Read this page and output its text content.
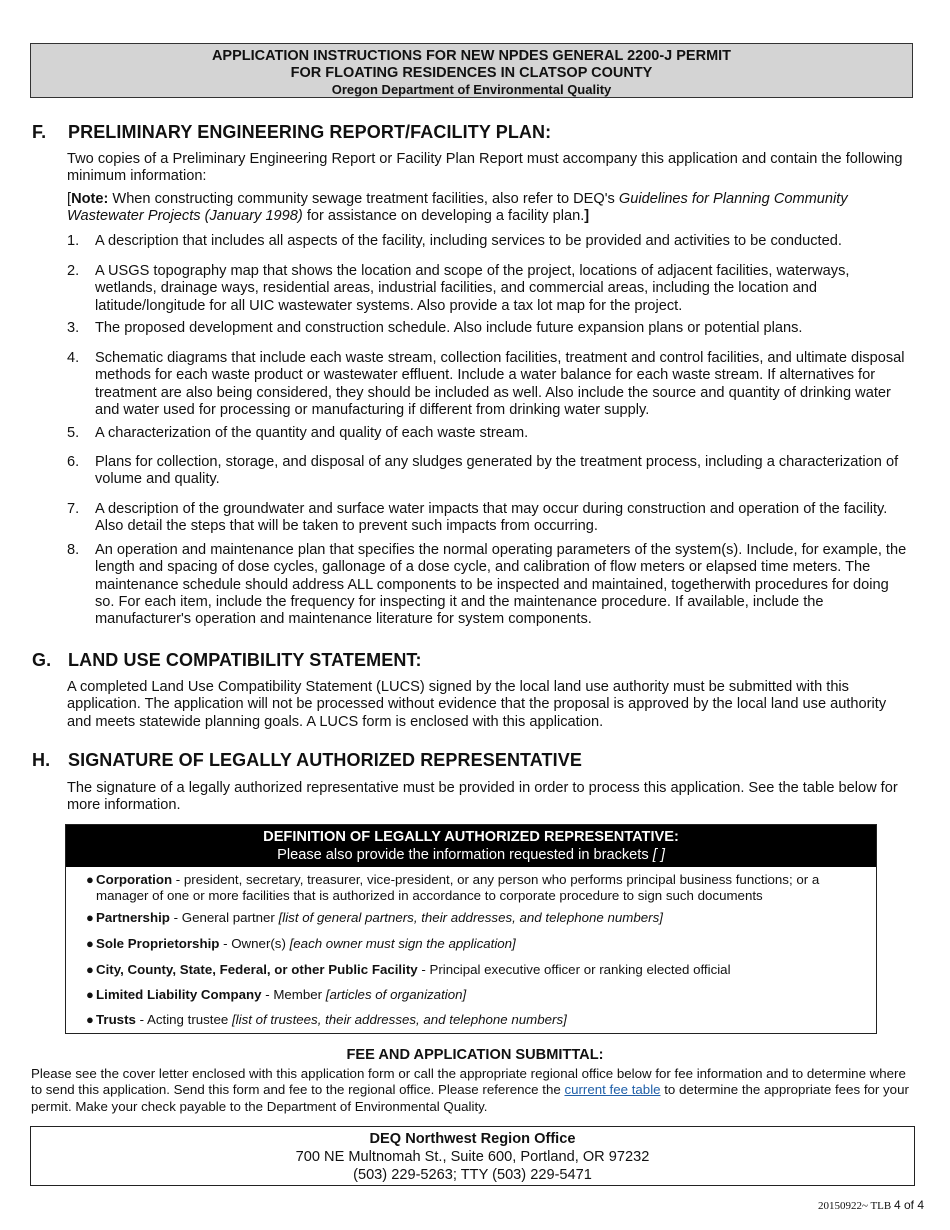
APPLICATION INSTRUCTIONS FOR NEW NPDES GENERAL 2200-J PERMIT
FOR FLOATING RESIDENCES IN CLATSOP COUNTY
Oregon Department of Environmental Quality
F. PRELIMINARY ENGINEERING REPORT/FACILITY PLAN:
Two copies of a Preliminary Engineering Report or Facility Plan Report must accompany this application and contain the following minimum information:
[Note: When constructing community sewage treatment facilities, also refer to DEQ's Guidelines for Planning Community Wastewater Projects (January 1998) for assistance on developing a facility plan.]
1.	A description that includes all aspects of the facility, including services to be provided and activities to be conducted.
2.	A USGS topography map that shows the location and scope of the project, locations of adjacent facilities, waterways, wetlands, drainage ways, residential areas, industrial facilities, and commercial areas, including the location and latitude/longitude for all UIC wastewater systems. Also provide a tax lot map for the project.
3.	The proposed development and construction schedule. Also include future expansion plans or potential plans.
4.	Schematic diagrams that include each waste stream, collection facilities, treatment and control facilities, and ultimate disposal methods for each waste product or wastewater effluent. Include a water balance for each waste stream. If alternatives for treatment are also being considered, they should be included as well. Also include the source and quantity of drinking water and water used for processing or manufacturing if different from drinking water supply.
5.	A characterization of the quantity and quality of each waste stream.
6.	Plans for collection, storage, and disposal of any sludges generated by the treatment process, including a characterization of volume and quality.
7.	A description of the groundwater and surface water impacts that may occur during construction and operation of the facility. Also detail the steps that will be taken to prevent such impacts from occurring.
8.	An operation and maintenance plan that specifies the normal operating parameters of the system(s). Include, for example, the length and spacing of dose cycles, gallonage of a dose cycle, and calibration of flow meters or elapsed time meters. The maintenance schedule should address ALL components to be inspected and maintained, togetherwith procedures for doing so. For each item, include the frequency for inspecting it and the maintenance procedure. If available, include the manufacturer's operation and maintenance literature for system components.
G. LAND USE COMPATIBILITY STATEMENT:
A completed Land Use Compatibility Statement (LUCS) signed by the local land use authority must be submitted with this application. The application will not be processed without evidence that the proposal is approved by the local land use authority and meets statewide planning goals. A LUCS form is enclosed with this application.
H. SIGNATURE OF LEGALLY AUTHORIZED REPRESENTATIVE
The signature of a legally authorized representative must be provided in order to process this application. See the table below for more information.
DEFINITION OF LEGALLY AUTHORIZED REPRESENTATIVE:
Please also provide the information requested in brackets [ ]
● Corporation - president, secretary, treasurer, vice-president, or any person who performs principal business functions; or a manager of one or more facilities that is authorized in accordance to corporate procedure to sign such documents
● Partnership - General partner [list of general partners, their addresses, and telephone numbers]
● Sole Proprietorship - Owner(s) [each owner must sign the application]
● City, County, State, Federal, or other Public Facility - Principal executive officer or ranking elected official
● Limited Liability Company - Member [articles of organization]
● Trusts - Acting trustee [list of trustees, their addresses, and telephone numbers]
FEE AND APPLICATION SUBMITTAL:
Please see the cover letter enclosed with this application form or call the appropriate regional office below for fee information and to determine where to send this application. Send this form and fee to the regional office. Please reference the current fee table to determine the appropriate fees for your permit. Make your check payable to the Department of Environmental Quality.
DEQ Northwest Region Office
700 NE Multnomah St., Suite 600, Portland, OR 97232
(503) 229-5263; TTY (503) 229-5471
20150922~ TLB 4 of 4
